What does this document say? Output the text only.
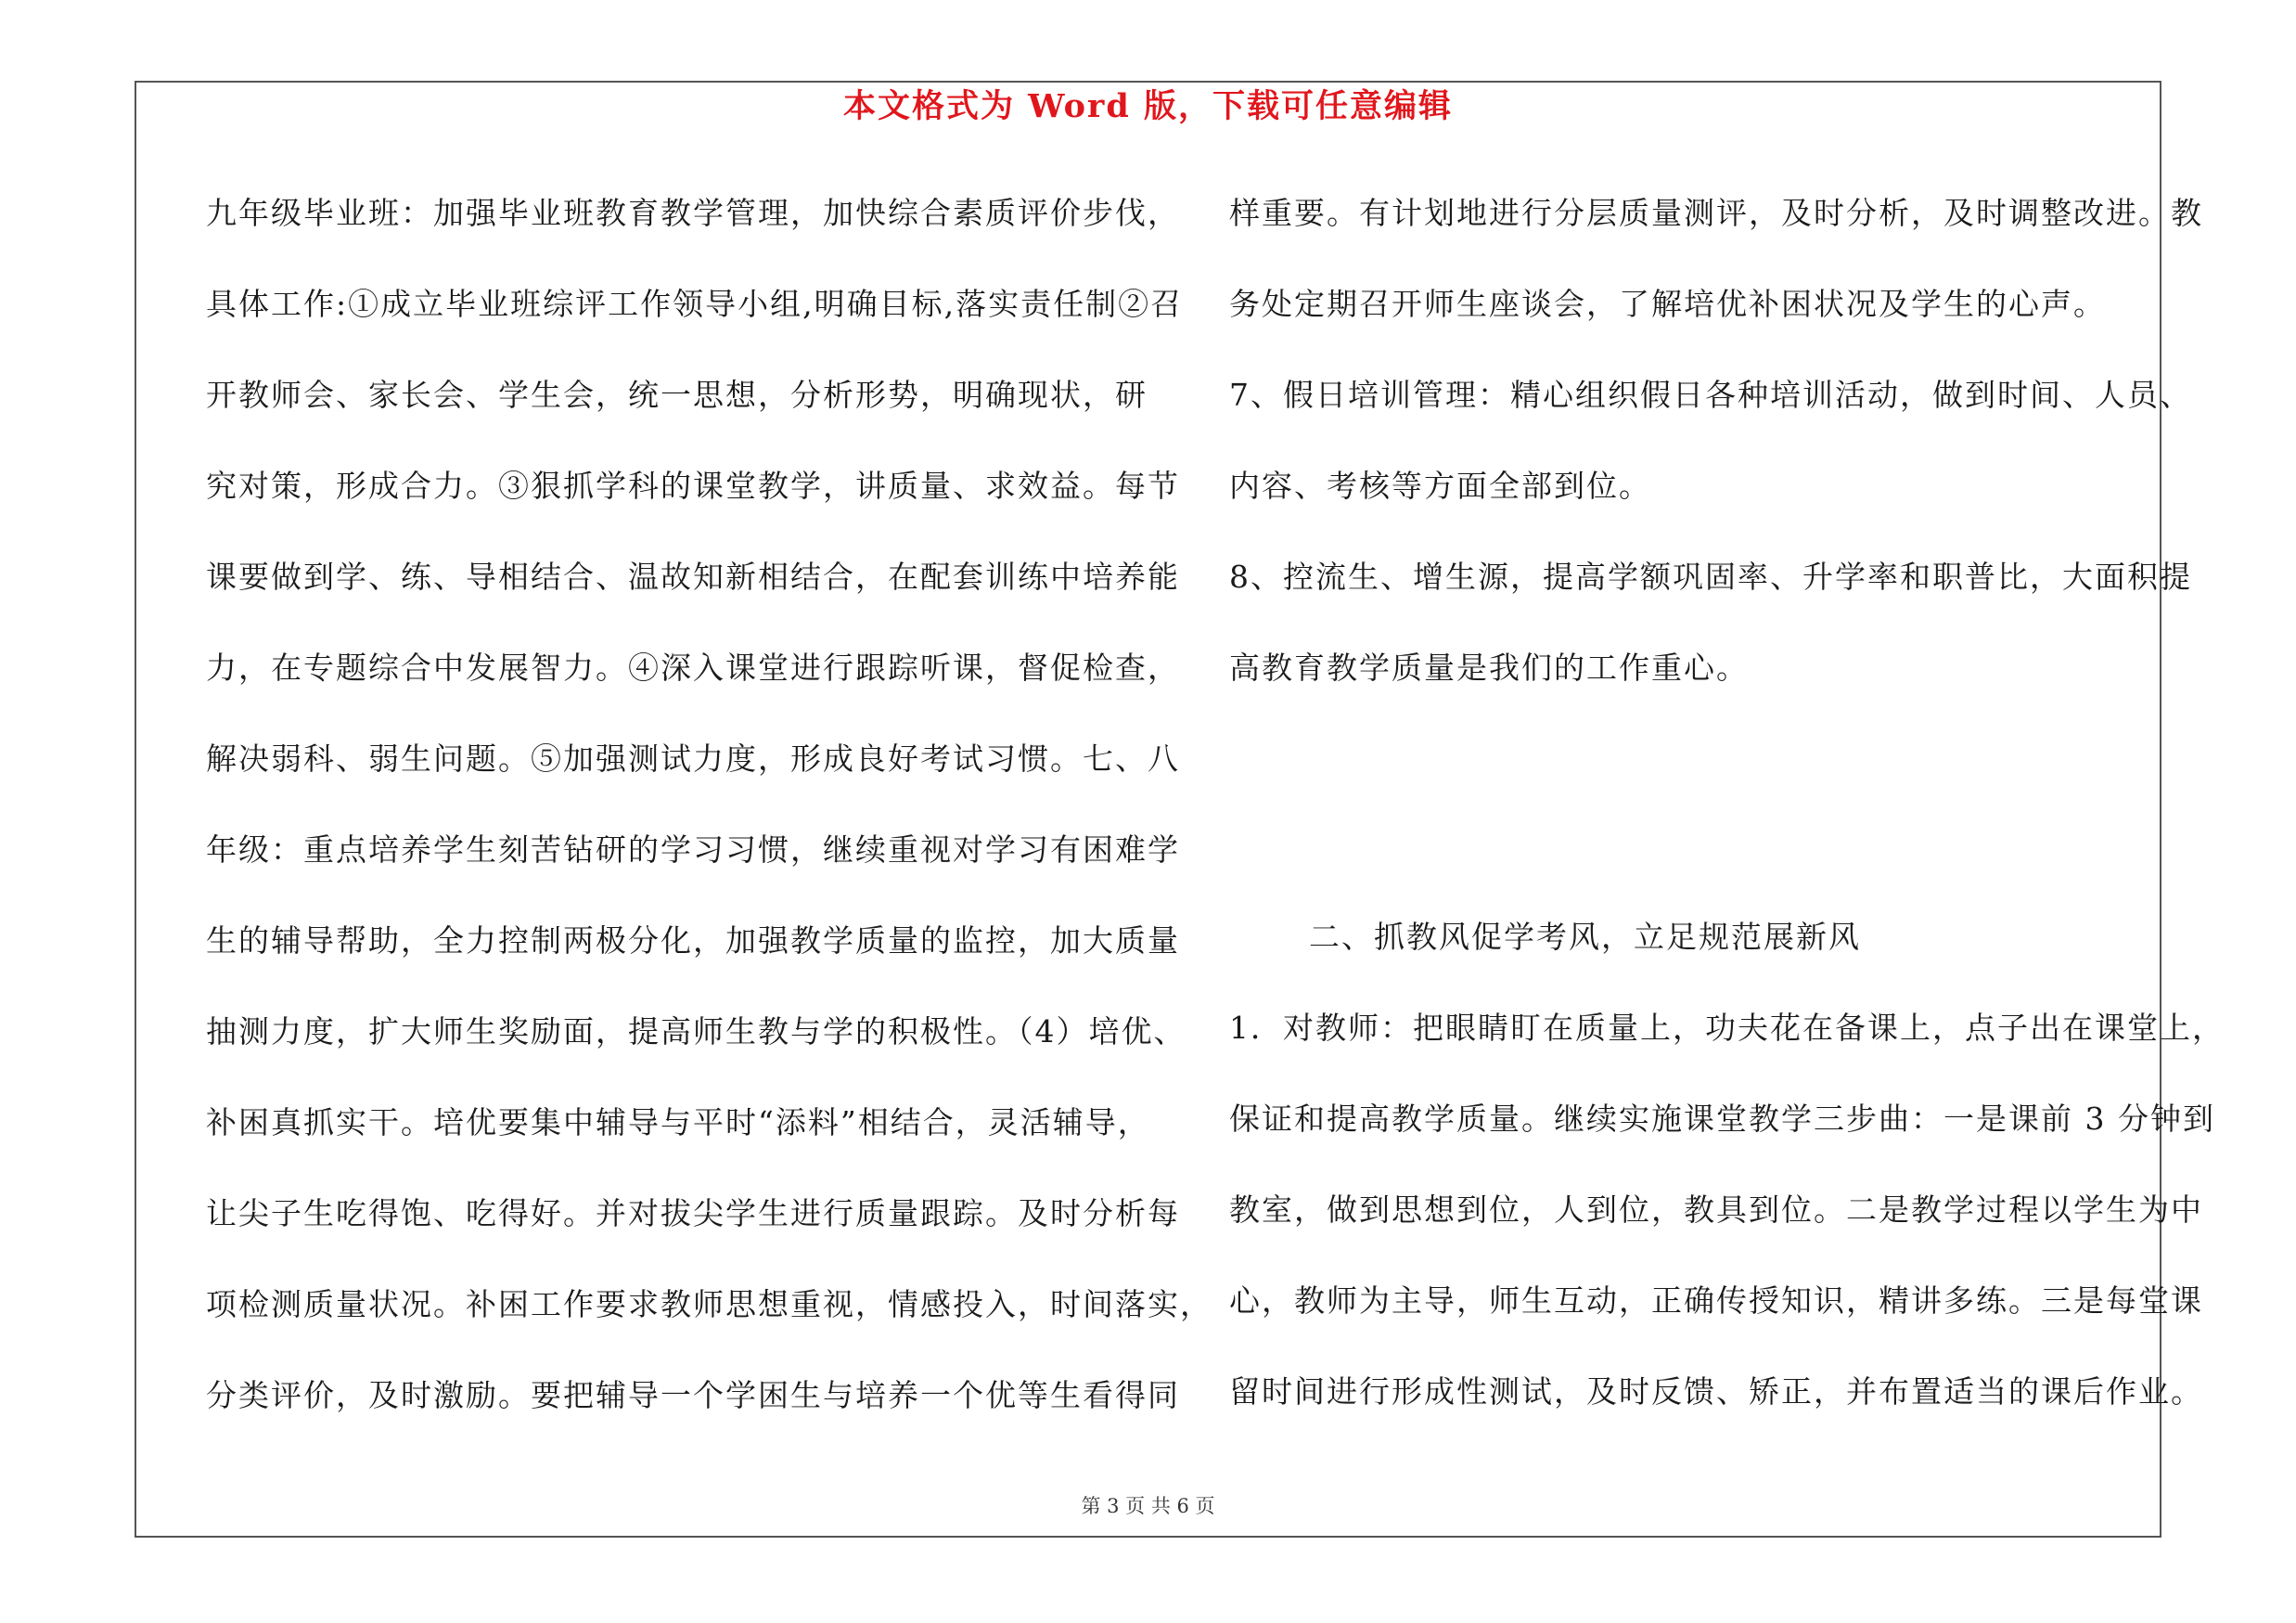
本文格式为 Word 版，下载可任意编辑
九年级毕业班：加强毕业班教育教学管理，加快综合素质评价步伐，
具体工作:①成立毕业班综评工作领导小组,明确目标,落实责任制②召
开教师会、家长会、学生会，统一思想，分析形势，明确现状，研
究对策，形成合力。③狠抓学科的课堂教学，讲质量、求效益。每节
课要做到学、练、导相结合、温故知新相结合，在配套训练中培养能
力，在专题综合中发展智力。④深入课堂进行跟踪听课，督促检查，
解决弱科、弱生问题。⑤加强测试力度，形成良好考试习惯。七、八
年级：重点培养学生刻苦钻研的学习习惯，继续重视对学习有困难学
生的辅导帮助，全力控制两极分化，加强教学质量的监控，加大质量
抽测力度，扩大师生奖励面，提高师生教与学的积极性。（4）培优、
补困真抓实干。培优要集中辅导与平时“添料”相结合，灵活辅导，
让尖子生吃得饱、吃得好。并对拔尖学生进行质量跟踪。及时分析每
项检测质量状况。补困工作要求教师思想重视，情感投入，时间落实，
分类评价，及时激励。要把辅导一个学困生与培养一个优等生看得同
样重要。有计划地进行分层质量测评，及时分析，及时调整改进。教
务处定期召开师生座谈会，了解培优补困状况及学生的心声。
7、假日培训管理：精心组织假日各种培训活动，做到时间、人员、
内容、考核等方面全部到位。
8、控流生、增生源，提高学额巩固率、升学率和职普比，大面积提
高教育教学质量是我们的工作重心。
二、抓教风促学考风，立足规范展新风
1．对教师：把眼睛盯在质量上，功夫花在备课上，点子出在课堂上，
保证和提高教学质量。继续实施课堂教学三步曲：一是课前 3 分钟到
教室，做到思想到位，人到位，教具到位。二是教学过程以学生为中
心，教师为主导，师生互动，正确传授知识，精讲多练。三是每堂课
留时间进行形成性测试，及时反馈、矫正，并布置适当的课后作业。
第 3 页 共 6 页
